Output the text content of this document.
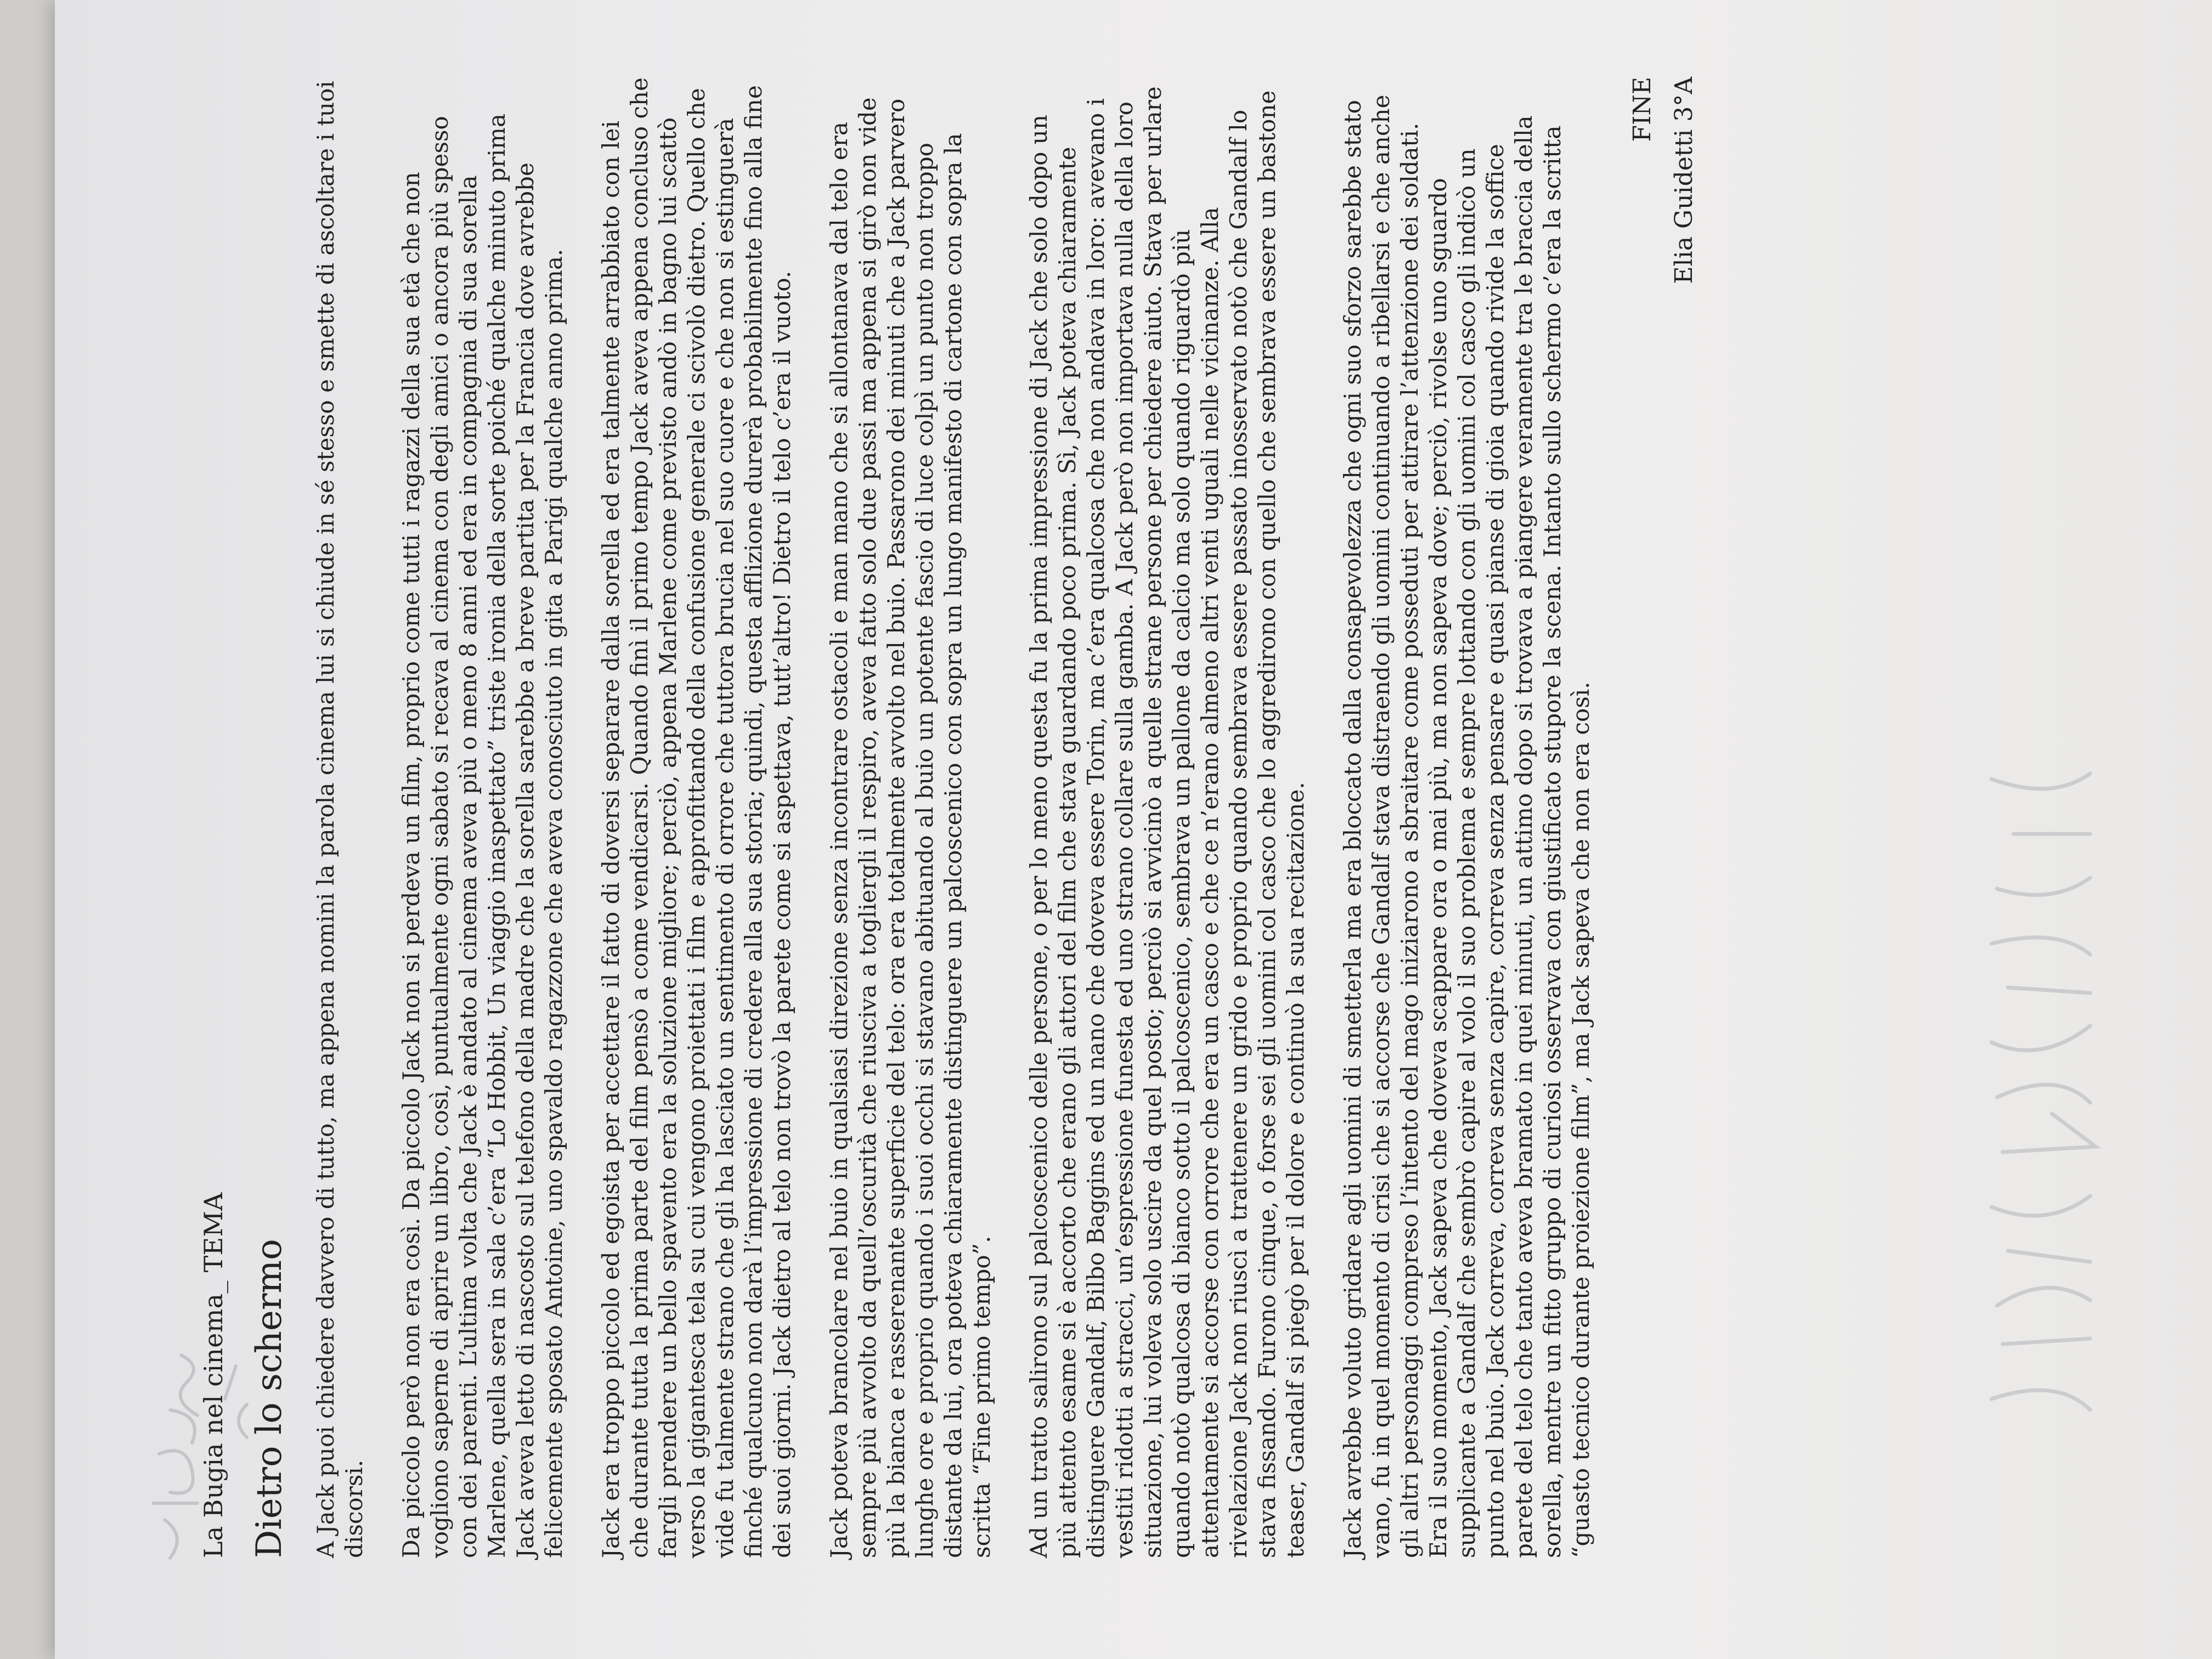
La Bugia nel cinema_ TEMA Dietro lo schermo A Jack puoi chiedere davvero di tutto, ma appena nomini la parola cinema lui si chiude in sé stesso e smette di ascoltare i tuoi discorsi. Da piccolo però non era così. Da piccolo Jack non si perdeva un film, proprio come tutti i ragazzi della sua età che non vogliono saperne di aprire un libro, così, puntualmente ogni sabato si recava al cinema con degli amici o ancora più spesso con dei parenti. L’ultima volta che Jack è andato al cinema aveva più o meno 8 anni ed era in compagnia di sua sorella Marlene, quella sera in sala c’era “Lo Hobbit, Un viaggio inaspettato” triste ironia della sorte poiché qualche minuto prima Jack aveva letto di nascosto sul telefono della madre che la sorella sarebbe a breve partita per la Francia dove avrebbe felicemente sposato Antoine, uno spavaldo ragazzone che aveva conosciuto in gita a Parigi qualche anno prima. Jack era troppo piccolo ed egoista per accettare il fatto di doversi separare dalla sorella ed era talmente arrabbiato con lei che durante tutta la prima parte del film pensò a come vendicarsi. Quando finì il primo tempo Jack aveva appena concluso che fargli prendere un bello spavento era la soluzione migliore; perciò, appena Marlene come previsto andò in bagno lui scattò verso la gigantesca tela su cui vengono proiettati i film e approfittando della confusione generale ci scivolò dietro. Quello che vide fu talmente strano che gli ha lasciato un sentimento di orrore che tuttora brucia nel suo cuore e che non si estinguerà finché qualcuno non darà l’impressione di credere alla sua storia; quindi, questa afflizione durerà probabilmente fino alla fine dei suoi giorni. Jack dietro al telo non trovò la parete come si aspettava, tutt’altro! Dietro il telo c’era il vuoto. Jack poteva brancolare nel buio in qualsiasi direzione senza incontrare ostacoli e man mano che si allontanava dal telo era sempre più avvolto da quell’oscurità che riusciva a togliergli il respiro, aveva fatto solo due passi ma appena si girò non vide più la bianca e rasserenante superficie del telo: ora era totalmente avvolto nel buio. Passarono dei minuti che a Jack parvero lunghe ore e proprio quando i suoi occhi si stavano abituando al buio un potente fascio di luce colpì un punto non troppo distante da lui, ora poteva chiaramente distinguere un palcoscenico con sopra un lungo manifesto di cartone con sopra la scritta “Fine primo tempo”. Ad un tratto salirono sul palcoscenico delle persone, o per lo meno questa fu la prima impressione di Jack che solo dopo un più attento esame si è accorto che erano gli attori del film che stava guardando poco prima. Sì, Jack poteva chiaramente distinguere Gandalf, Bilbo Baggins ed un nano che doveva essere Torin, ma c’era qualcosa che non andava in loro: avevano i vestiti ridotti a stracci, un’espressione funesta ed uno strano collare sulla gamba. A Jack però non importava nulla della loro situazione, lui voleva solo uscire da quel posto; perciò si avvicinò a quelle strane persone per chiedere aiuto. Stava per urlare quando notò qualcosa di bianco sotto il palcoscenico, sembrava un pallone da calcio ma solo quando riguardò più attentamente si accorse con orrore che era un casco e che ce n’erano almeno altri venti uguali nelle vicinanze. Alla rivelazione Jack non riuscì a trattenere un grido e proprio quando sembrava essere passato inosservato notò che Gandalf lo stava fissando. Furono cinque, o forse sei gli uomini col casco che lo aggredirono con quello che sembrava essere un bastone teaser, Gandalf si piegò per il dolore e continuò la sua recitazione. Jack avrebbe voluto gridare agli uomini di smetterla ma era bloccato dalla consapevolezza che ogni suo sforzo sarebbe stato vano, fu in quel momento di crisi che si accorse che Gandalf stava distraendo gli uomini continuando a ribellarsi e che anche gli altri personaggi compreso l’intento del mago iniziarono a sbraitare come posseduti per attirare l’attenzione dei soldati. Era il suo momento, Jack sapeva che doveva scappare ora o mai più, ma non sapeva dove; perciò, rivolse uno sguardo supplicante a Gandalf che sembrò capire al volo il suo problema e sempre lottando con gli uomini col casco gli indicò un punto nel buio. Jack correva, correva senza capire, correva senza pensare e quasi pianse di gioia quando rivide la soffice parete del telo che tanto aveva bramato in quei minuti, un attimo dopo si trovava a piangere veramente tra le braccia della sorella, mentre un fitto gruppo di curiosi osservava con giustificato stupore la scena. Intanto sullo schermo c’era la scritta “guasto tecnico durante proiezione film”, ma Jack sapeva che non era così.

FINE Elia Guidetti 3°A
